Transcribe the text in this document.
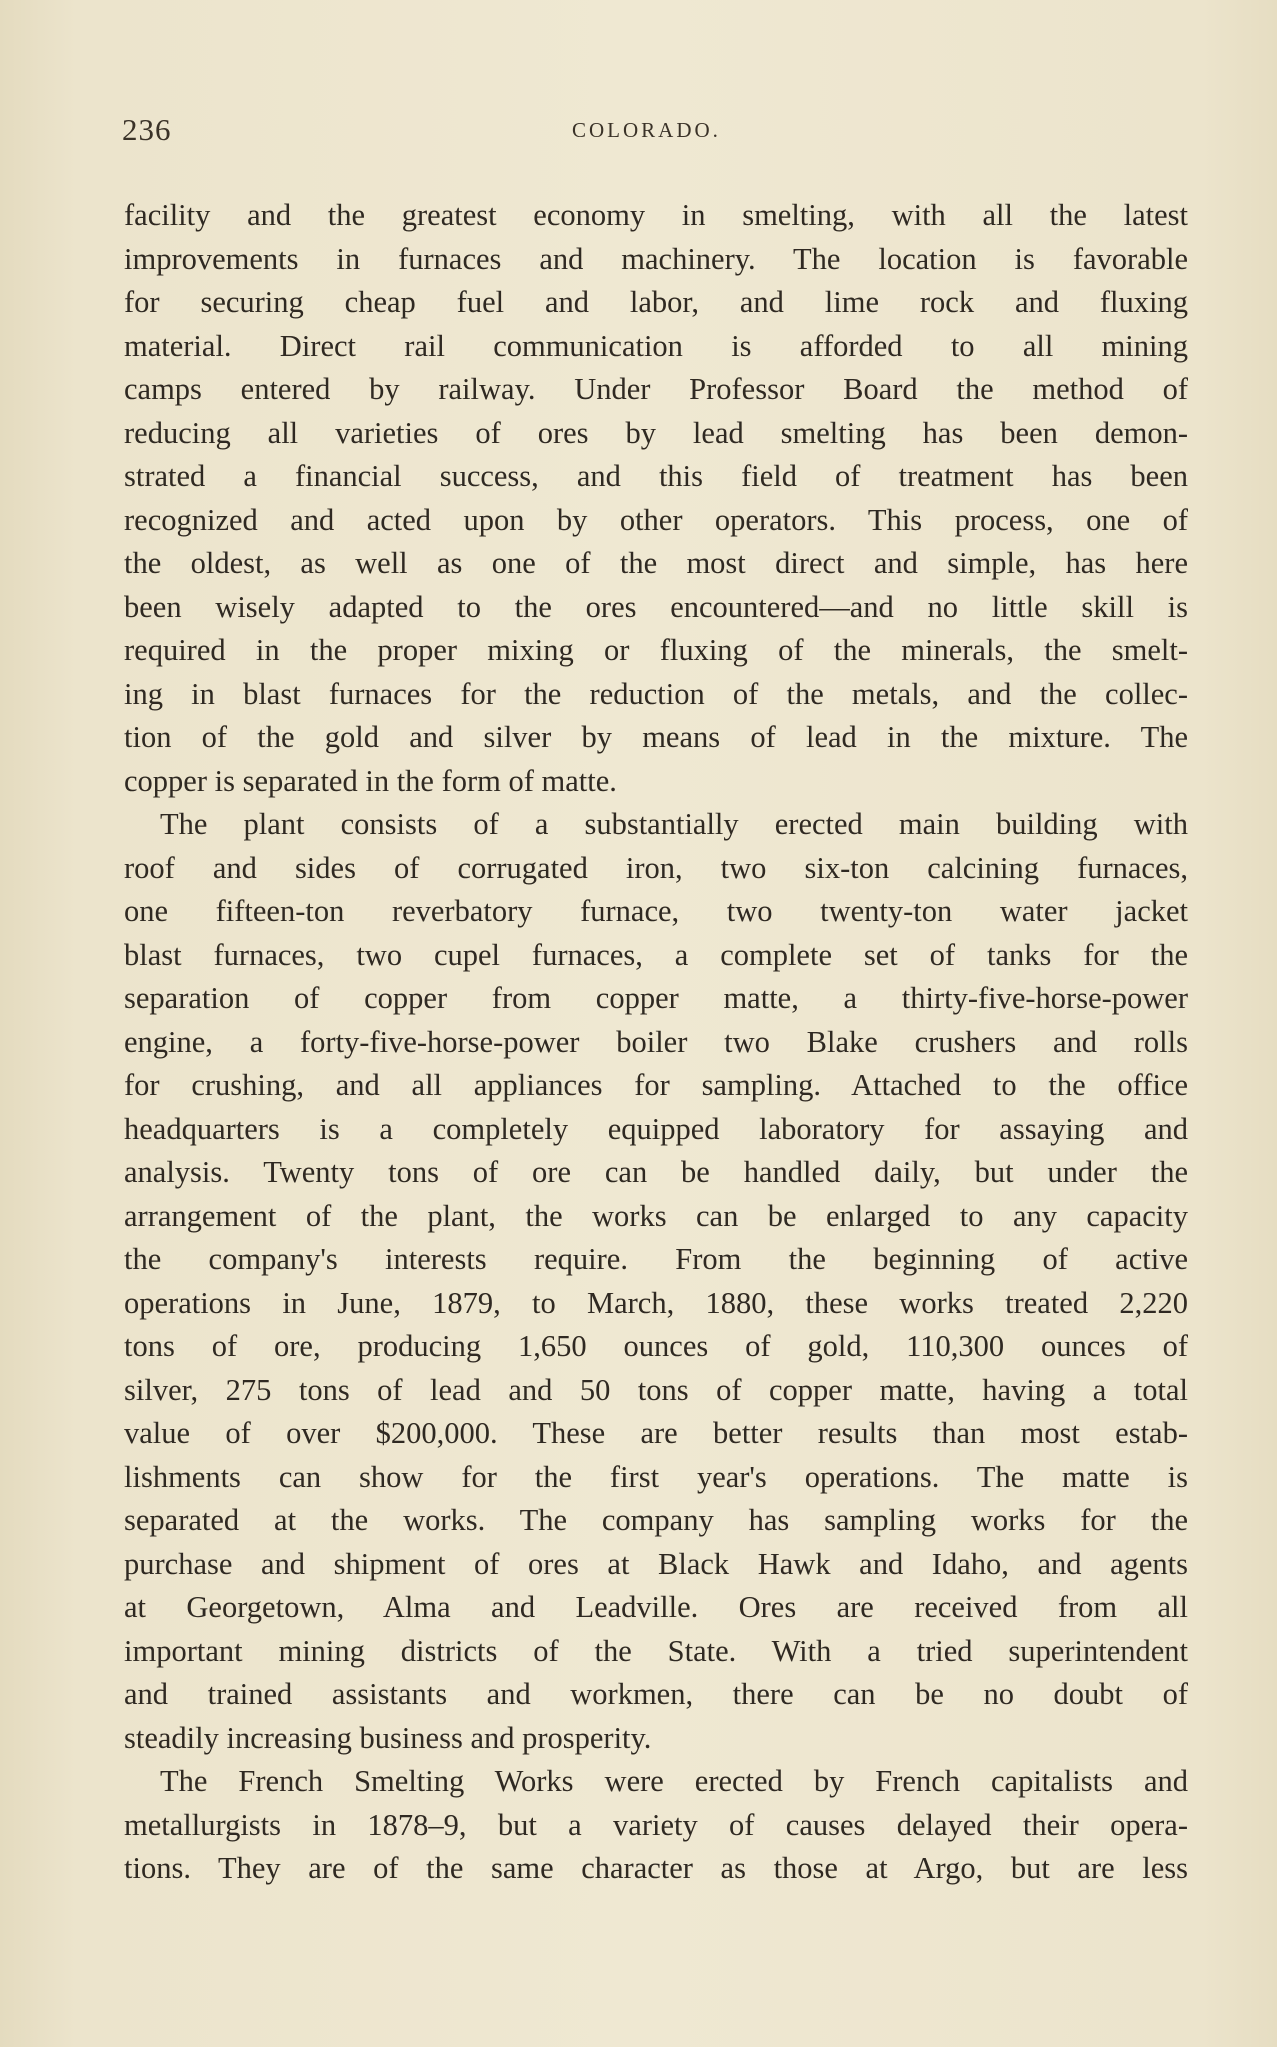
236	COLORADO.
facility and the greatest economy in smelting, with all the latest
improvements in furnaces and machinery. The location is favorable
for securing cheap fuel and labor, and lime rock and fluxing
material. Direct rail communication is afforded to all mining
camps entered by railway. Under Professor Board the method of
reducing all varieties of ores by lead smelting has been demon-
strated a financial success, and this field of treatment has been
recognized and acted upon by other operators. This process, one of
the oldest, as well as one of the most direct and simple, has here
been wisely adapted to the ores encountered—and no little skill is
required in the proper mixing or fluxing of the minerals, the smelt-
ing in blast furnaces for the reduction of the metals, and the collec-
tion of the gold and silver by means of lead in the mixture. The
copper is separated in the form of matte.
The plant consists of a substantially erected main building with
roof and sides of corrugated iron, two six-ton calcining furnaces,
one fifteen-ton reverbatory furnace, two twenty-ton water jacket
blast furnaces, two cupel furnaces, a complete set of tanks for the
separation of copper from copper matte, a thirty-five-horse-power
engine, a forty-five-horse-power boiler two Blake crushers and rolls
for crushing, and all appliances for sampling. Attached to the office
headquarters is a completely equipped laboratory for assaying and
analysis. Twenty tons of ore can be handled daily, but under the
arrangement of the plant, the works can be enlarged to any capacity
the company's interests require. From the beginning of active
operations in June, 1879, to March, 1880, these works treated 2,220
tons of ore, producing 1,650 ounces of gold, 110,300 ounces of
silver, 275 tons of lead and 50 tons of copper matte, having a total
value of over $200,000. These are better results than most estab-
lishments can show for the first year's operations. The matte is
separated at the works. The company has sampling works for the
purchase and shipment of ores at Black Hawk and Idaho, and agents
at Georgetown, Alma and Leadville. Ores are received from all
important mining districts of the State. With a tried superintendent
and trained assistants and workmen, there can be no doubt of
steadily increasing business and prosperity.
The French Smelting Works were erected by French capitalists and
metallurgists in 1878–9, but a variety of causes delayed their opera-
tions. They are of the same character as those at Argo, but are less
